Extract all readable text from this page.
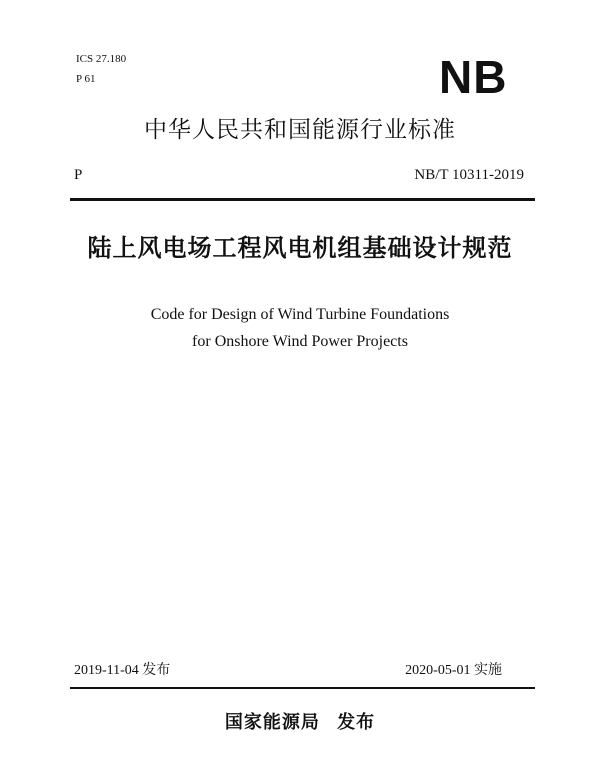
ICS 27.180
P 61	NB
中华人民共和国能源行业标准
P	NB/T 10311-2019
陆上风电场工程风电机组基础设计规范
Code for Design of Wind Turbine Foundations
for Onshore Wind Power Projects
2019-11-04 发布	2020-05-01 实施
国家能源局 发布
